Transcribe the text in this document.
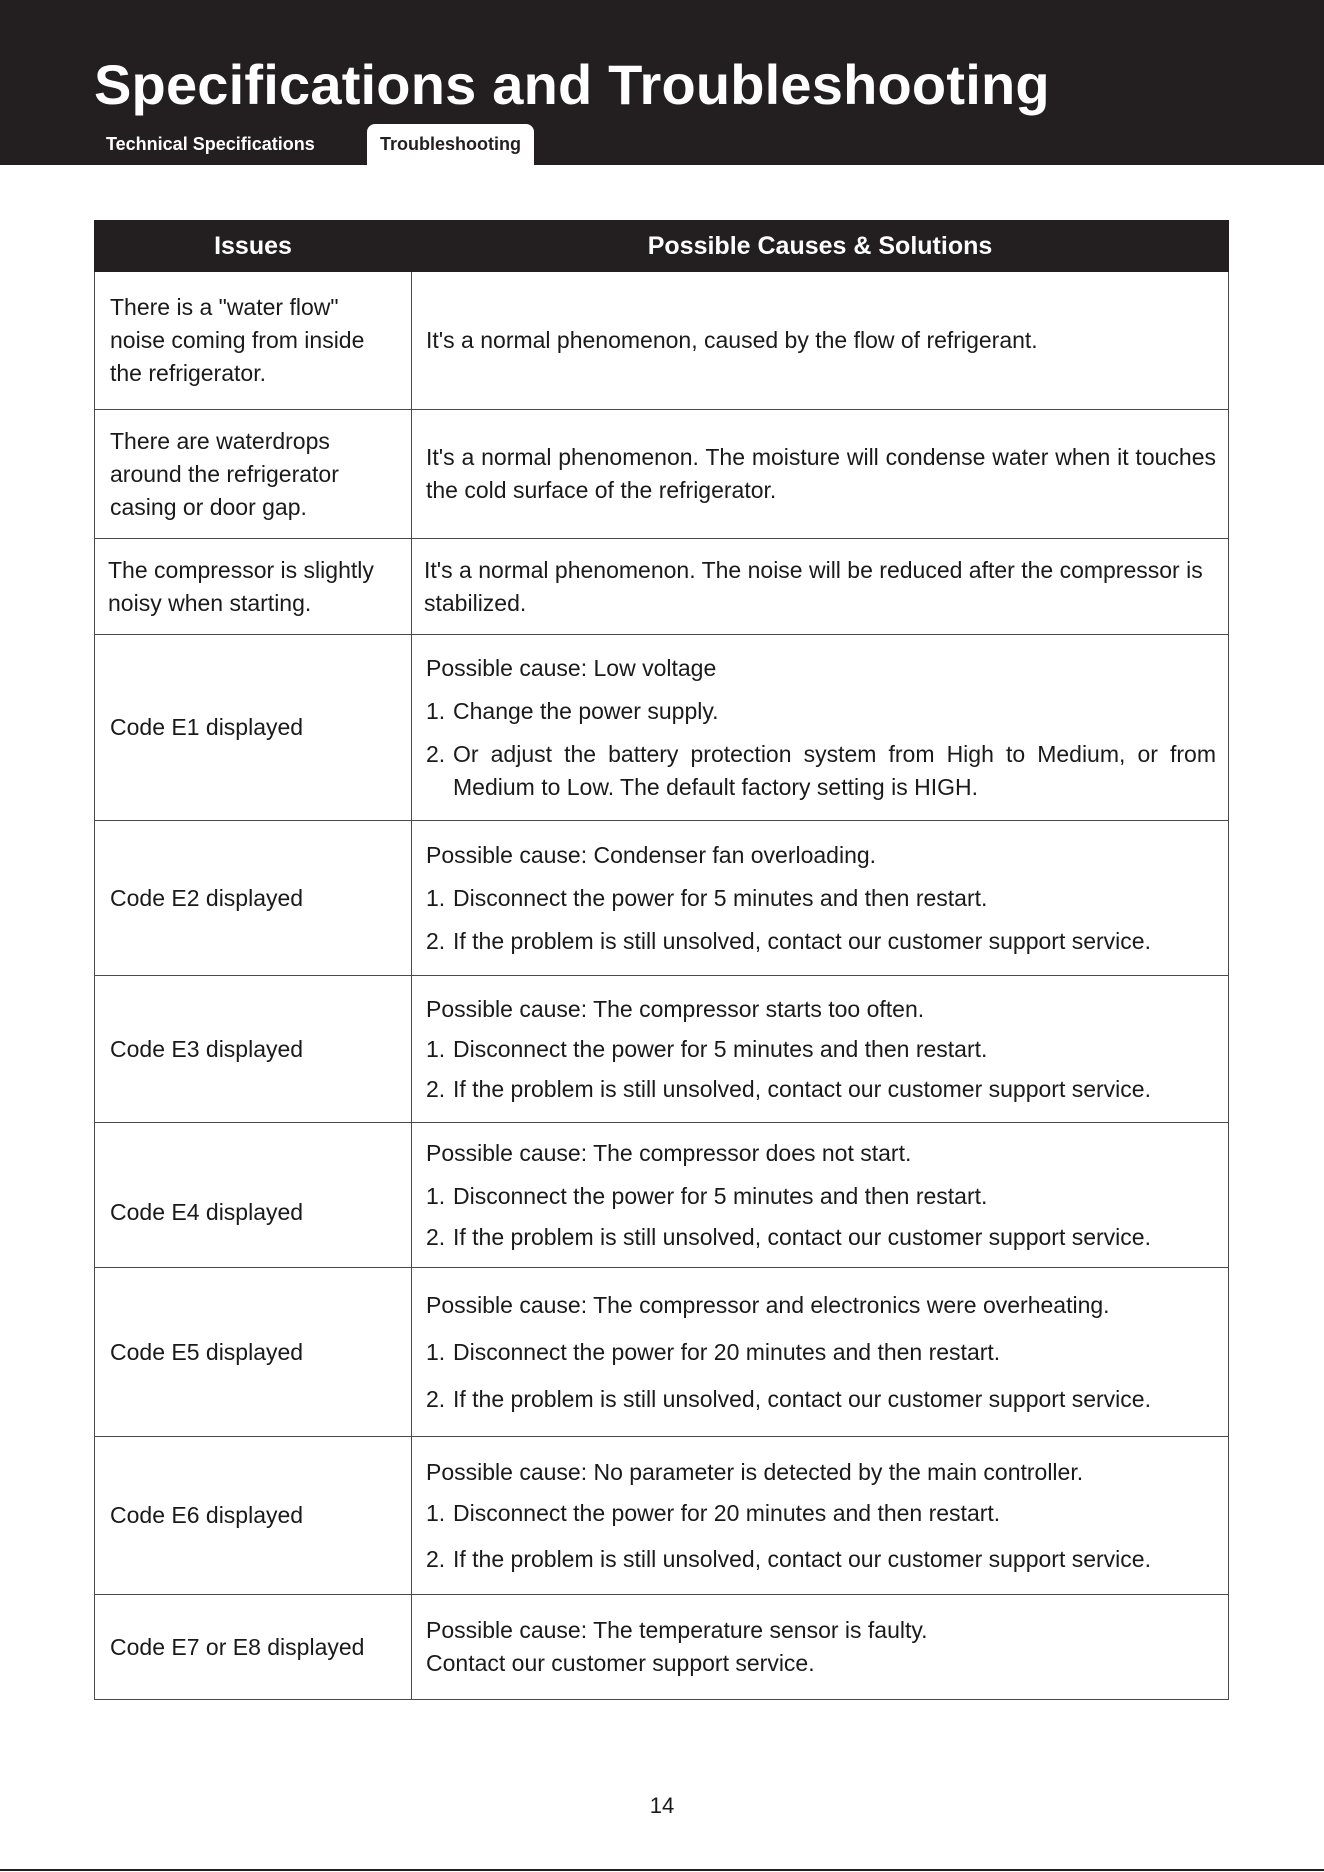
Specifications and Troubleshooting
Technical Specifications	Troubleshooting
Issues	Possible Causes & Solutions
There is a "water flow" noise coming from inside the refrigerator.	It's a normal phenomenon, caused by the flow of refrigerant.
There are waterdrops around the refrigerator casing or door gap.	It's a normal phenomenon. The moisture will condense water when it touches the cold surface of the refrigerator.
The compressor is slightly noisy when starting.	It's a normal phenomenon. The noise will be reduced after the compressor is stabilized.
Code E1 displayed	Possible cause: Low voltage
1. Change the power supply.
2. Or adjust the battery protection system from High to Medium, or from Medium to Low. The default factory setting is HIGH.

Code E2 displayed	Possible cause: Condenser fan overloading.
1. Disconnect the power for 5 minutes and then restart.
2. If the problem is still unsolved, contact our customer support service.

Code E3 displayed	Possible cause: The compressor starts too often.
1. Disconnect the power for 5 minutes and then restart.
2. If the problem is still unsolved, contact our customer support service.

Code E4 displayed	Possible cause: The compressor does not start.
1. Disconnect the power for 5 minutes and then restart.
2. If the problem is still unsolved, contact our customer support service.

Code E5 displayed	Possible cause: The compressor and electronics were overheating.
1. Disconnect the power for 20 minutes and then restart.
2. If the problem is still unsolved, contact our customer support service.

Code E6 displayed	Possible cause: No parameter is detected by the main controller.
1. Disconnect the power for 20 minutes and then restart.
2. If the problem is still unsolved, contact our customer support service.

Code E7 or E8 displayed	Possible cause: The temperature sensor is faulty.
Contact our customer support service.
14
